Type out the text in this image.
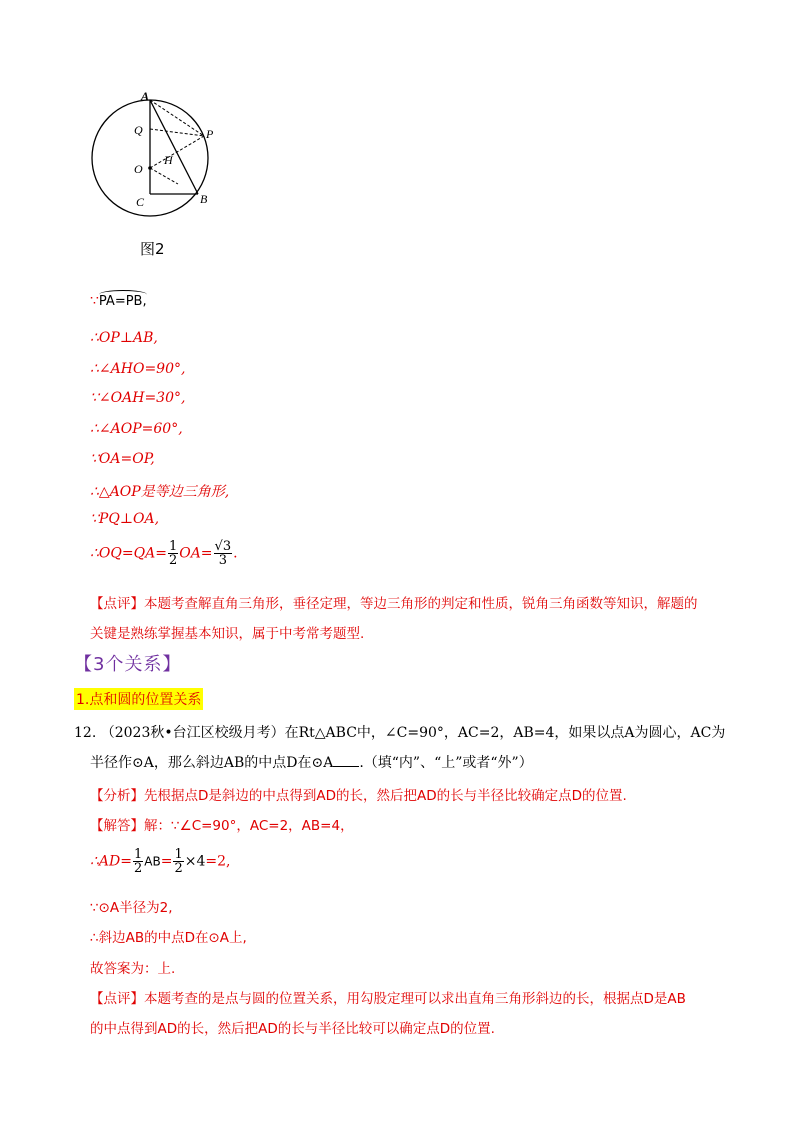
A
P
Q
H
O
C	B
图2
∵PA=PB,
∴OP⊥AB,
∴∠AHO=90°,
∵∠OAH=30°,
∴∠AOP=60°,
∵OA=OP,
∴△AOP是等边三角形,
∵PQ⊥OA,
∴OQ=QA= $\frac{1}{2} OA= \frac{√3}{3}$ .
【点评】本题考查解直角三角形，垂径定理，等边三角形的判定和性质，锐角三角函数等知识，解题的
关键是熟练掌握基本知识，属于中考常考题型.
【3个关系】
1.点和圆的位置关系
12. （2023秋•台江区校级月考）在Rt△ABC中，∠C=90°，AC=2，AB=4，如果以点A为圆心，AC为
半径作⊙A，那么斜边AB的中点D在⊙A .（填“内”、“上”或者“外”）
【分析】先根据点D是斜边的中点得到AD的长，然后把AD的长与半径比较确定点D的位置.
【解答】解：∵∠C=90°，AC=2，AB=4，
∴AD= $\frac{1}{2} AB= \frac{1}{2} \times 4=2$,
∵⊙A半径为2,
∴斜边AB的中点D在⊙A上,
故答案为：上.
【点评】本题考查的是点与圆的位置关系，用勾股定理可以求出直角三角形斜边的长，根据点D是AB
的中点得到AD的长，然后把AD的长与半径比较可以确定点D的位置.
